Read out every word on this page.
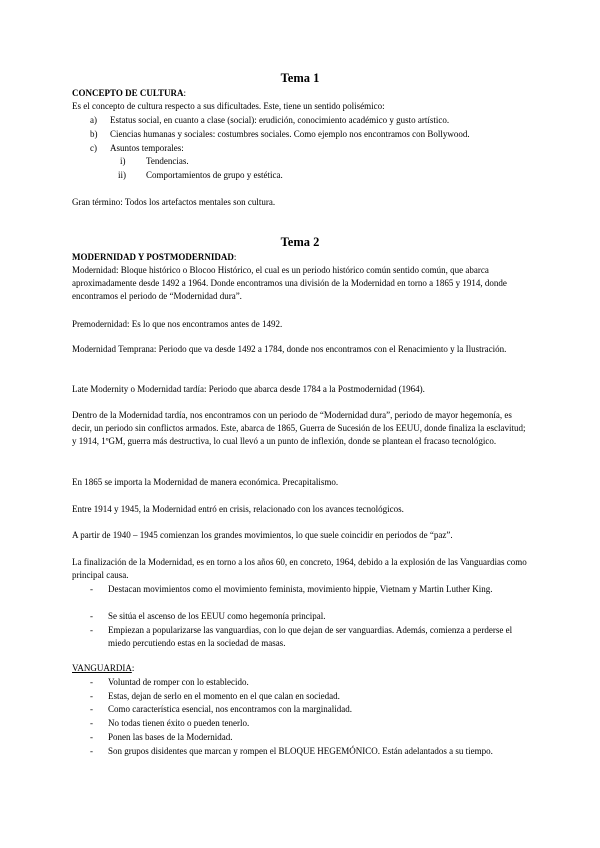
Tema 1
CONCEPTO DE CULTURA:
Es el concepto de cultura respecto a sus dificultades. Este, tiene un sentido polisémico:
a) Estatus social, en cuanto a clase (social): erudición, conocimiento académico y gusto artístico.
b) Ciencias humanas y sociales: costumbres sociales. Como ejemplo nos encontramos con Bollywood.
c) Asuntos temporales:
i) Tendencias.
ii) Comportamientos de grupo y estética.
Gran término: Todos los artefactos mentales son cultura.
Tema 2
MODERNIDAD Y POSTMODERNIDAD:
Modernidad: Bloque histórico o Blocoo Histórico, el cual es un periodo histórico común sentido común, que abarca aproximadamente desde 1492 a 1964. Donde encontramos una división de la Modernidad en torno a 1865 y 1914, donde encontramos el periodo de “Modernidad dura”.
Premodernidad: Es lo que nos encontramos antes de 1492.
Modernidad Temprana: Periodo que va desde 1492 a 1784, donde nos encontramos con el Renacimiento y la Ilustración.
Late Modernity o Modernidad tardía: Periodo que abarca desde 1784 a la Postmodernidad (1964).
Dentro de la Modernidad tardía, nos encontramos con un periodo de “Modernidad dura”, periodo de mayor hegemonía, es decir, un periodo sin conflictos armados. Este, abarca de 1865, Guerra de Sucesión de los EEUU, donde finaliza la esclavitud; y 1914, 1ºGM, guerra más destructiva, lo cual llevó a un punto de inflexión, donde se plantean el fracaso tecnológico.
En 1865 se importa la Modernidad de manera económica. Precapitalismo.
Entre 1914 y 1945, la Modernidad entró en crisis, relacionado con los avances tecnológicos.
A partir de 1940 – 1945 comienzan los grandes movimientos, lo que suele coincidir en periodos de “paz”.
La finalización de la Modernidad, es en torno a los años 60, en concreto, 1964, debido a la explosión de las Vanguardias como principal causa.
- Destacan movimientos como el movimiento feminista, movimiento hippie, Vietnam y Martin Luther King.
- Se sitúa el ascenso de los EEUU como hegemonía principal.
- Empiezan a popularizarse las vanguardias, con lo que dejan de ser vanguardias. Además, comienza a perderse el miedo percutiendo estas en la sociedad de masas.
VANGUARDIA:
- Voluntad de romper con lo establecido.
- Estas, dejan de serlo en el momento en el que calan en sociedad.
- Como característica esencial, nos encontramos con la marginalidad.
- No todas tienen éxito o pueden tenerlo.
- Ponen las bases de la Modernidad.
- Son grupos disidentes que marcan y rompen el BLOQUE HEGEMÓNICO. Están adelantados a su tiempo.
